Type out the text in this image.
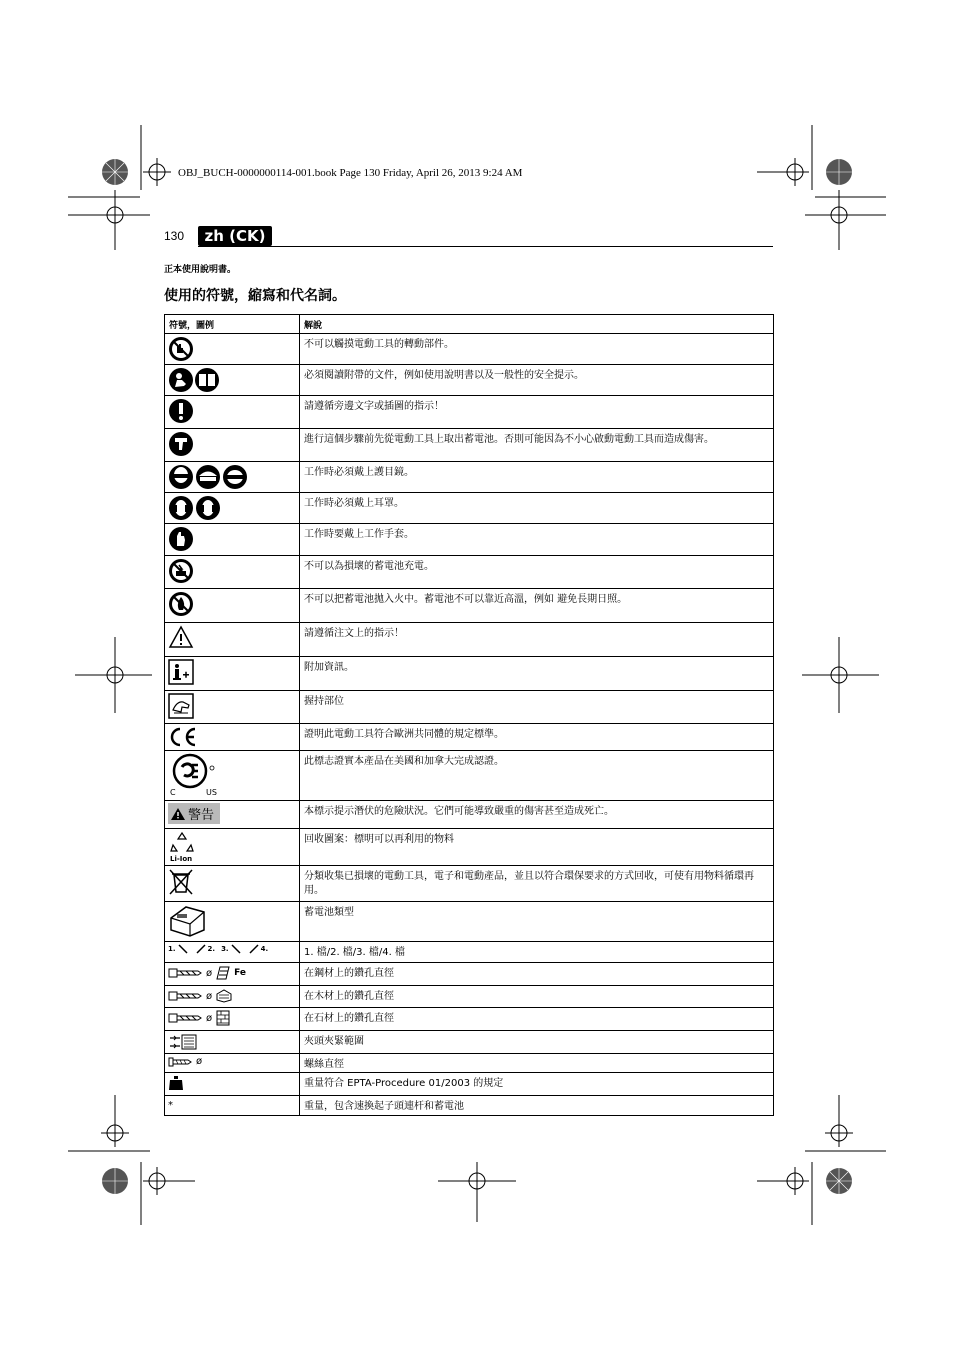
OBJ_BUCH-0000000114-001.book Page 130 Friday, April 26, 2013 9:24 AM
130	zh (CK)
正本使用說明書。
使用的符號，縮寫和代名詞。
符號，圖例	解說

	不可以觸摸電動工具的轉動部件。

	必須閱讀附帶的文件，例如使用說明書以及一般性的安全提示。

	請遵循旁邊文字或插圖的指示！

	進行這個步驟前先從電動工具上取出蓄電池。否則可能因為不小心啟動電動工具而造成傷害。

	工作時必須戴上護目鏡。

	工作時必須戴上耳罩。

	工作時要戴上工作手套。

	不可以為損壞的蓄電池充電。

	不可以把蓄電池拋入火中。蓄電池不可以靠近高溫，例如 避免長期日照。

	請遵循注文上的指示！

	附加資訊。

	握持部位

	證明此電動工具符合歐洲共同體的規定標準。

C US	此標志證實本產品在美國和加拿大完成認證。

警告	本標示提示潛伏的危險狀況。它們可能導致嚴重的傷害甚至造成死亡。

Li-Ion	回收圖案：標明可以再利用的物料

	分類收集已損壞的電動工具，電子和電動產品，並且以符合環保要求的方式回收，可使有用物料循環再用。

	蓄電池類型

1. 2. 3. 4.	1. 檔/2. 檔/3. 檔/4. 檔

ø Fe	在鋼材上的鑽孔直徑

ø	在木材上的鑽孔直徑

ø	在石材上的鑽孔直徑

	夾頭夾緊範圍

ø	螺絲直徑

	重量符合 EPTA-Procedure 01/2003 的規定
*	重量，包含速換起子頭連杆和蓄電池
